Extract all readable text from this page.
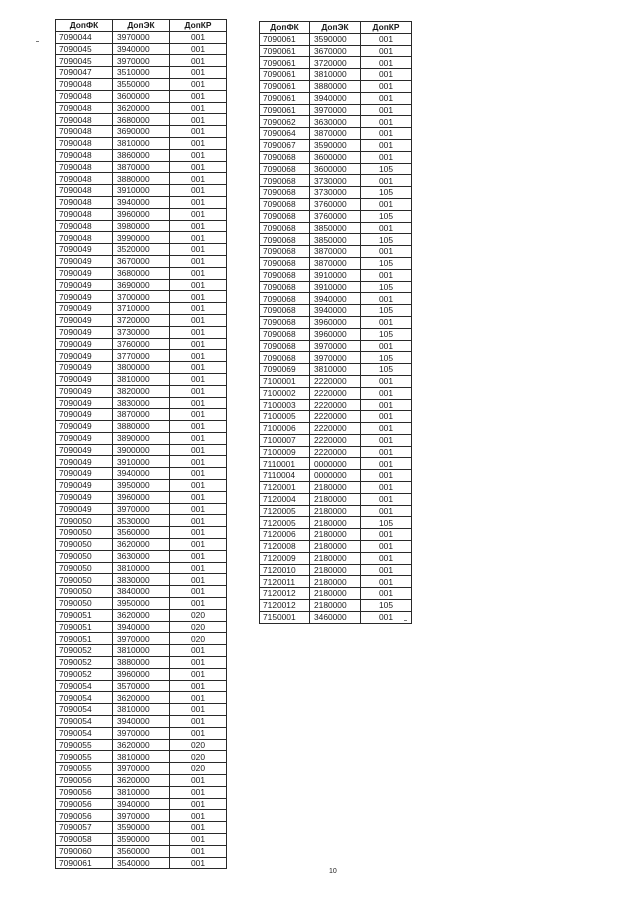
ДопФК	ДопЭК	ДопКР
7090044	3970000	001
7090045	3940000	001
7090045	3970000	001
7090047	3510000	001
7090048	3550000	001
7090048	3600000	001
7090048	3620000	001
7090048	3680000	001
7090048	3690000	001
7090048	3810000	001
7090048	3860000	001
7090048	3870000	001
7090048	3880000	001
7090048	3910000	001
7090048	3940000	001
7090048	3960000	001
7090048	3980000	001
7090048	3990000	001
7090049	3520000	001
7090049	3670000	001
7090049	3680000	001
7090049	3690000	001
7090049	3700000	001
7090049	3710000	001
7090049	3720000	001
7090049	3730000	001
7090049	3760000	001
7090049	3770000	001
7090049	3800000	001
7090049	3810000	001
7090049	3820000	001
7090049	3830000	001
7090049	3870000	001
7090049	3880000	001
7090049	3890000	001
7090049	3900000	001
7090049	3910000	001
7090049	3940000	001
7090049	3950000	001
7090049	3960000	001
7090049	3970000	001
7090050	3530000	001
7090050	3560000	001
7090050	3620000	001
7090050	3630000	001
7090050	3810000	001
7090050	3830000	001
7090050	3840000	001
7090050	3950000	001
7090051	3620000	020
7090051	3940000	020
7090051	3970000	020
7090052	3810000	001
7090052	3880000	001
7090052	3960000	001
7090054	3570000	001
7090054	3620000	001
7090054	3810000	001
7090054	3940000	001
7090054	3970000	001
7090055	3620000	020
7090055	3810000	020
7090055	3970000	020
7090056	3620000	001
7090056	3810000	001
7090056	3940000	001
7090056	3970000	001
7090057	3590000	001
7090058	3590000	001
7090060	3560000	001
7090061	3540000	001
ДопФК	ДопЭК	ДопКР
7090061	3590000	001
7090061	3670000	001
7090061	3720000	001
7090061	3810000	001
7090061	3880000	001
7090061	3940000	001
7090061	3970000	001
7090062	3630000	001
7090064	3870000	001
7090067	3590000	001
7090068	3600000	001
7090068	3600000	105
7090068	3730000	001
7090068	3730000	105
7090068	3760000	001
7090068	3760000	105
7090068	3850000	001
7090068	3850000	105
7090068	3870000	001
7090068	3870000	105
7090068	3910000	001
7090068	3910000	105
7090068	3940000	001
7090068	3940000	105
7090068	3960000	001
7090068	3960000	105
7090068	3970000	001
7090068	3970000	105
7090069	3810000	105
7100001	2220000	001
7100002	2220000	001
7100003	2220000	001
7100005	2220000	001
7100006	2220000	001
7100007	2220000	001
7100009	2220000	001
7110001	0000000	001
7110004	0000000	001
7120001	2180000	001
7120004	2180000	001
7120005	2180000	001
7120005	2180000	105
7120006	2180000	001
7120008	2180000	001
7120009	2180000	001
7120010	2180000	001
7120011	2180000	001
7120012	2180000	001
7120012	2180000	105
7150001	3460000	001
10
